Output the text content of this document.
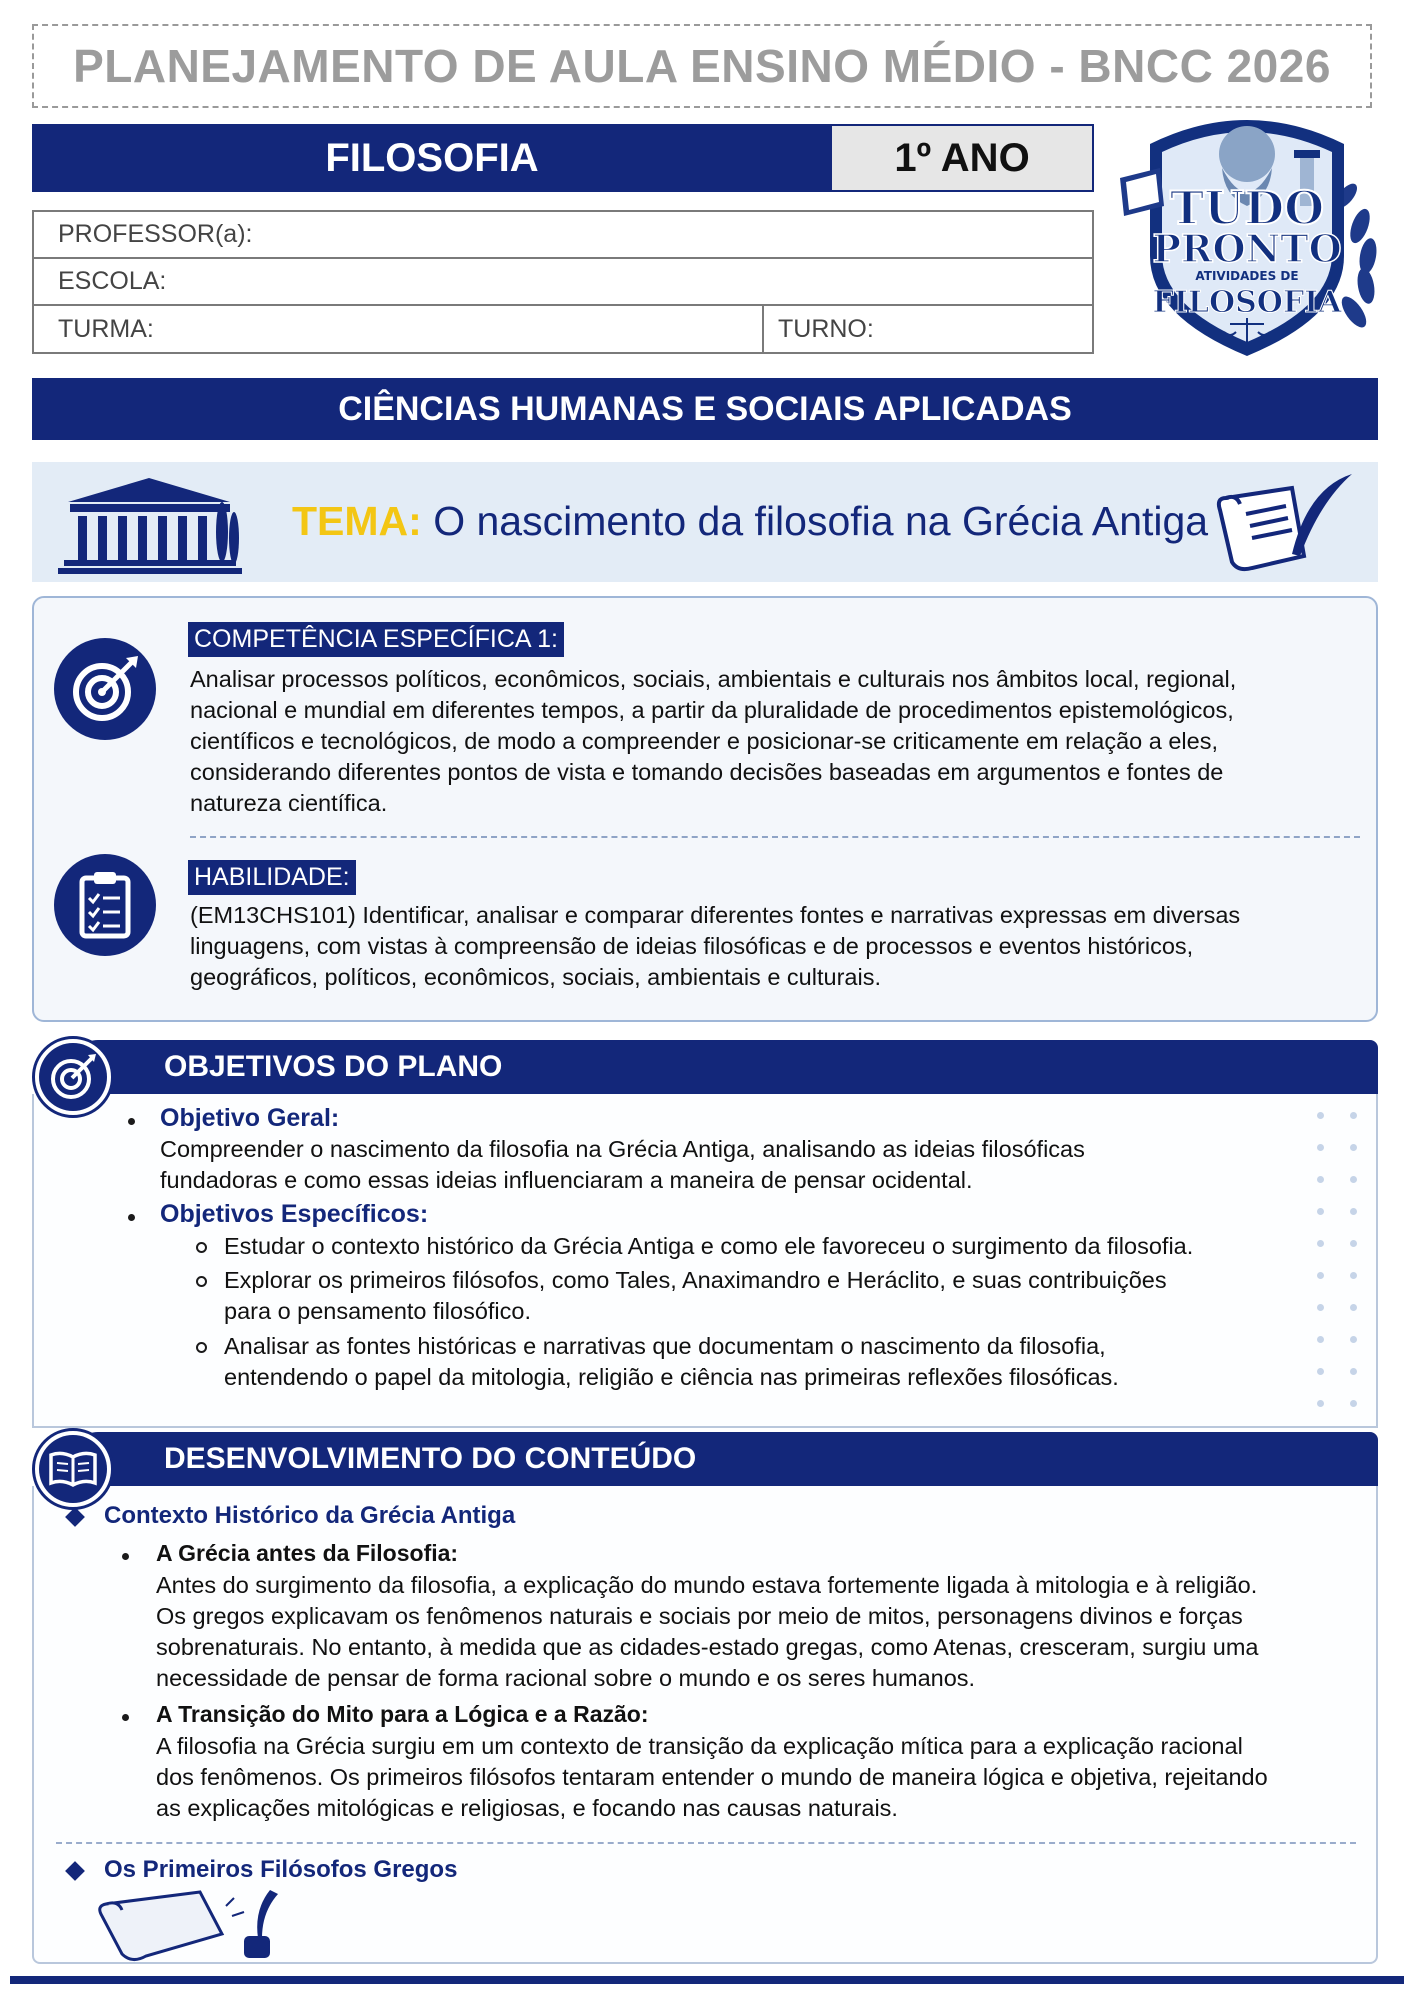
PLANEJAMENTO DE AULA ENSINO MÉDIO - BNCC 2026
FILOSOFIA	1º ANO
PROFESSOR(a):
ESCOLA:
TURMA:	TURNO:
TUDO
PRONTO
ATIVIDADES DE
FILOSOFIA
CIÊNCIAS HUMANAS E SOCIAIS APLICADAS
TEMA: O nascimento da filosofia na Grécia Antiga
COMPETÊNCIA ESPECÍFICA 1:
Analisar processos políticos, econômicos, sociais, ambientais e culturais nos âmbitos local, regional,
nacional e mundial em diferentes tempos, a partir da pluralidade de procedimentos epistemológicos,
científicos e tecnológicos, de modo a compreender e posicionar-se criticamente em relação a eles,
considerando diferentes pontos de vista e tomando decisões baseadas em argumentos e fontes de
natureza científica.
HABILIDADE:
(EM13CHS101) Identificar, analisar e comparar diferentes fontes e narrativas expressas em diversas
linguagens, com vistas à compreensão de ideias filosóficas e de processos e eventos históricos,
geográficos, políticos, econômicos, sociais, ambientais e culturais.
OBJETIVOS DO PLANO
Objetivo Geral:
Compreender o nascimento da filosofia na Grécia Antiga, analisando as ideias filosóficas
fundadoras e como essas ideias influenciaram a maneira de pensar ocidental.
Objetivos Específicos:
Estudar o contexto histórico da Grécia Antiga e como ele favoreceu o surgimento da filosofia.
Explorar os primeiros filósofos, como Tales, Anaximandro e Heráclito, e suas contribuições
para o pensamento filosófico.
Analisar as fontes históricas e narrativas que documentam o nascimento da filosofia,
entendendo o papel da mitologia, religião e ciência nas primeiras reflexões filosóficas.
DESENVOLVIMENTO DO CONTEÚDO
Contexto Histórico da Grécia Antiga
A Grécia antes da Filosofia:
Antes do surgimento da filosofia, a explicação do mundo estava fortemente ligada à mitologia e à religião.
Os gregos explicavam os fenômenos naturais e sociais por meio de mitos, personagens divinos e forças
sobrenaturais. No entanto, à medida que as cidades-estado gregas, como Atenas, cresceram, surgiu uma
necessidade de pensar de forma racional sobre o mundo e os seres humanos.
A Transição do Mito para a Lógica e a Razão:
A filosofia na Grécia surgiu em um contexto de transição da explicação mítica para a explicação racional
dos fenômenos. Os primeiros filósofos tentaram entender o mundo de maneira lógica e objetiva, rejeitando
as explicações mitológicas e religiosas, e focando nas causas naturais.
Os Primeiros Filósofos Gregos
